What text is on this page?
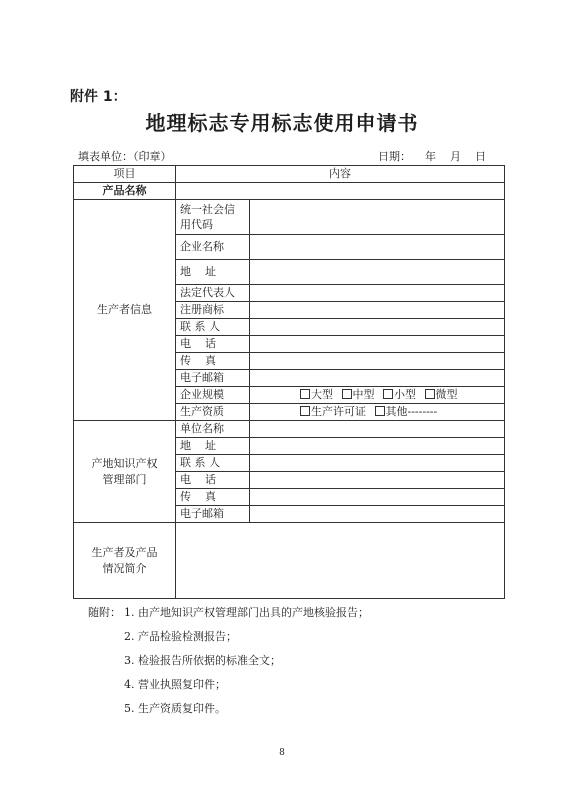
附件 1：
地理标志专用标志使用申请书
填表单位：（印章）	日期：    年    月    日
项目	内容	
产品名称		
生产者信息	统一社会信用代码	
	企业名称	
	地    址	
	法定代表人	
	注册商标	
	联 系 人	
	电    话	
	传    真	
	电子邮箱	
	企业规模	大型 中型 小型 微型
	生产资质	生产许可证 其他--------
产地知识产权管理部门	单位名称	
	地    址	
	联 系 人	
	电    话	
	传    真	
	电子邮箱	
生产者及产品情况简介		
随附： 1. 由产地知识产权管理部门出具的产地核验报告；
2. 产品检验检测报告；
3. 检验报告所依据的标准全文；
4. 营业执照复印件；
5. 生产资质复印件。
8
